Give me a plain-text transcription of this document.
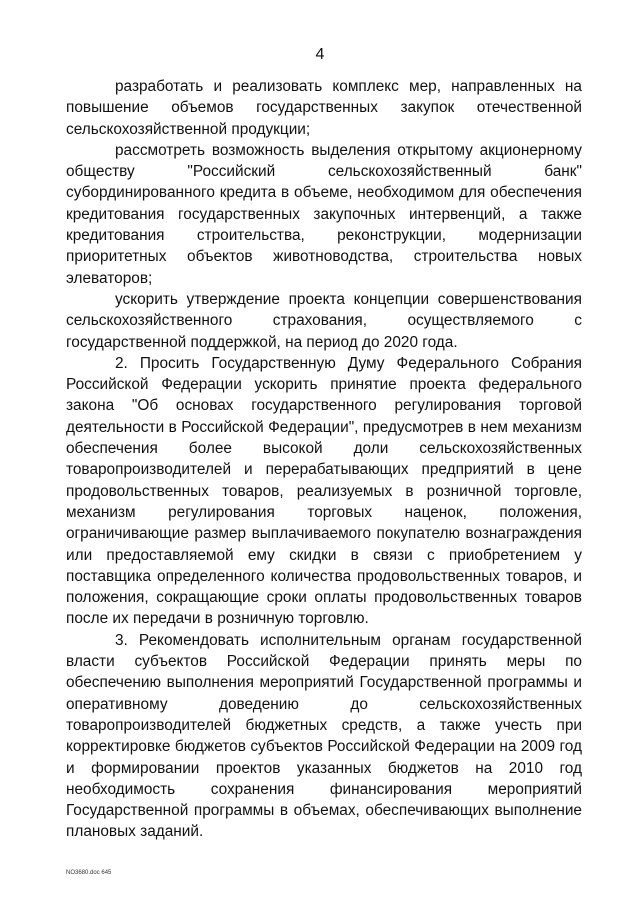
4

разработать и реализовать комплекс мер, направленных на повышение объемов государственных закупок отечественной сельскохозяйственной продукции;

рассмотреть возможность выделения открытому акционерному обществу "Российский сельскохозяйственный банк" субординированного кредита в объеме, необходимом для обеспечения кредитования государственных закупочных интервенций, а также кредитования строительства, реконструкции, модернизации приоритетных объектов животноводства, строительства новых элеваторов;

ускорить утверждение проекта концепции совершенствования сельскохозяйственного страхования, осуществляемого с государственной поддержкой, на период до 2020 года.

2. Просить Государственную Думу Федерального Собрания Российской Федерации ускорить принятие проекта федерального закона "Об основах государственного регулирования торговой деятельности в Российской Федерации", предусмотрев в нем механизм обеспечения более высокой доли сельскохозяйственных товаропроизводителей и перерабатывающих предприятий в цене продовольственных товаров, реализуемых в розничной торговле, механизм регулирования торговых наценок, положения, ограничивающие размер выплачиваемого покупателю вознаграждения или предоставляемой ему скидки в связи с приобретением у поставщика определенного количества продовольственных товаров, и положения, сокращающие сроки оплаты продовольственных товаров после их передачи в розничную торговлю.

3. Рекомендовать исполнительным органам государственной власти субъектов Российской Федерации принять меры по обеспечению выполнения мероприятий Государственной программы и оперативному доведению до сельскохозяйственных товаропроизводителей бюджетных средств, а также учесть при корректировке бюджетов субъектов Российской Федерации на 2009 год и формировании проектов указанных бюджетов на 2010 год необходимость сохранения финансирования мероприятий Государственной программы в объемах, обеспечивающих выполнение плановых заданий.

NO3680.doc 645
